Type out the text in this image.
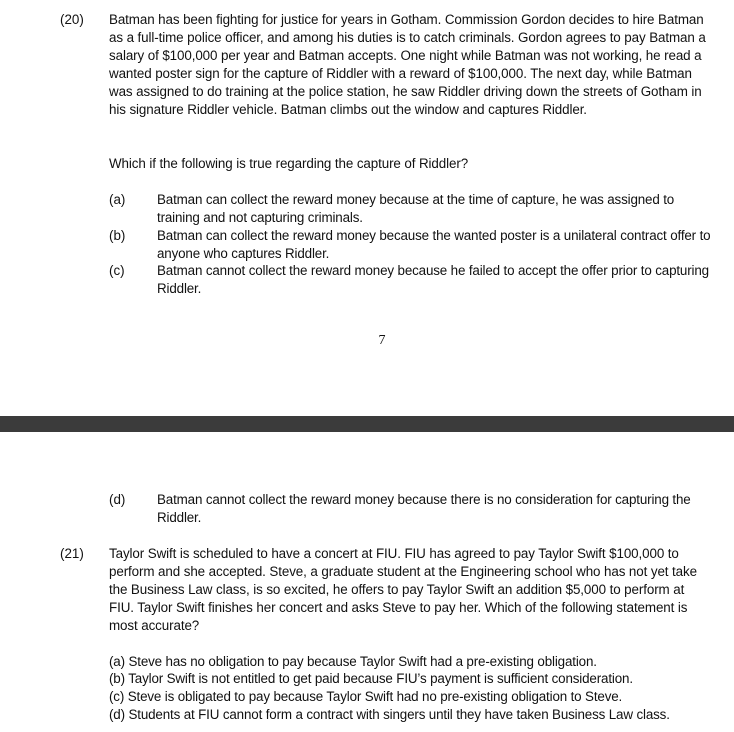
(20) Batman has been fighting for justice for years in Gotham. Commission Gordon decides to hire Batman as a full-time police officer, and among his duties is to catch criminals. Gordon agrees to pay Batman a salary of $100,000 per year and Batman accepts. One night while Batman was not working, he read a wanted poster sign for the capture of Riddler with a reward of $100,000. The next day, while Batman was assigned to do training at the police station, he saw Riddler driving down the streets of Gotham in his signature Riddler vehicle. Batman climbs out the window and captures Riddler.
Which if the following is true regarding the capture of Riddler?
(a) Batman can collect the reward money because at the time of capture, he was assigned to training and not capturing criminals.
(b) Batman can collect the reward money because the wanted poster is a unilateral contract offer to anyone who captures Riddler.
(c) Batman cannot collect the reward money because he failed to accept the offer prior to capturing Riddler.
7
(d) Batman cannot collect the reward money because there is no consideration for capturing the Riddler.
(21) Taylor Swift is scheduled to have a concert at FIU. FIU has agreed to pay Taylor Swift $100,000 to perform and she accepted. Steve, a graduate student at the Engineering school who has not yet take the Business Law class, is so excited, he offers to pay Taylor Swift an addition $5,000 to perform at FIU. Taylor Swift finishes her concert and asks Steve to pay her. Which of the following statement is most accurate?
(a) Steve has no obligation to pay because Taylor Swift had a pre-existing obligation.
(b) Taylor Swift is not entitled to get paid because FIU’s payment is sufficient consideration.
(c) Steve is obligated to pay because Taylor Swift had no pre-existing obligation to Steve.
(d) Students at FIU cannot form a contract with singers until they have taken Business Law class.
